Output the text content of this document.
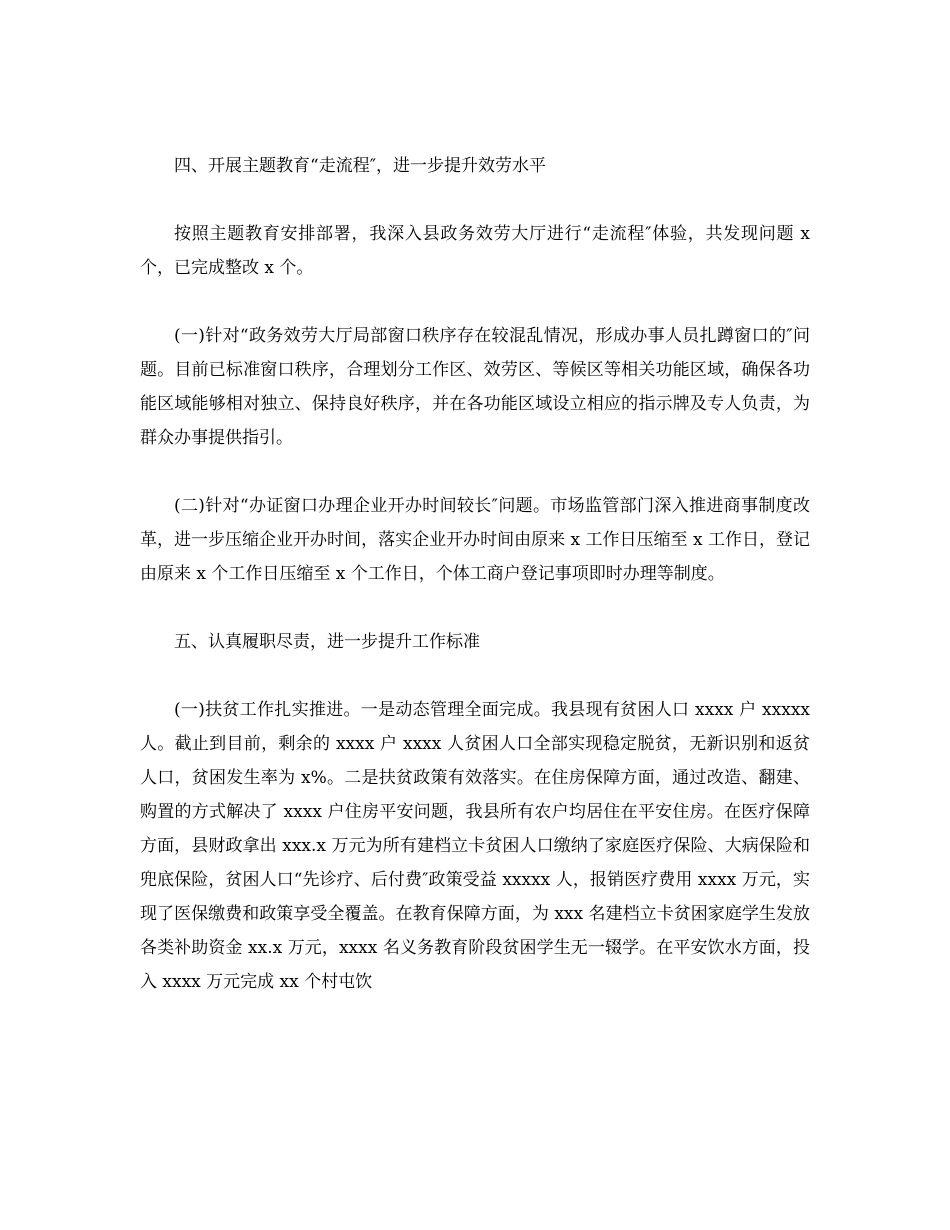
四、开展主题教育“走流程″，进一步提升效劳水平

按照主题教育安排部署，我深入县政务效劳大厅进行“走流程″体验，共发现问题 x 个，已完成整改 x 个。

(一)针对“政务效劳大厅局部窗口秩序存在较混乱情况，形成办事人员扎蹲窗口的″问题。目前已标准窗口秩序，合理划分工作区、效劳区、等候区等相关功能区域，确保各功能区域能够相对独立、保持良好秩序，并在各功能区域设立相应的指示牌及专人负责，为群众办事提供指引。

(二)针对“办证窗口办理企业开办时间较长″问题。市场监管部门深入推进商事制度改革，进一步压缩企业开办时间，落实企业开办时间由原来 x 工作日压缩至 x 工作日，登记由原来 x 个工作日压缩至 x 个工作日，个体工商户登记事项即时办理等制度。

五、认真履职尽责，进一步提升工作标准

(一)扶贫工作扎实推进。一是动态管理全面完成。我县现有贫困人口 xxxx 户 xxxxx 人。截止到目前，剩余的 xxxx 户 xxxx 人贫困人口全部实现稳定脱贫，无新识别和返贫人口，贫困发生率为 x%。二是扶贫政策有效落实。在住房保障方面，通过改造、翻建、购置的方式解决了 xxxx 户住房平安问题，我县所有农户均居住在平安住房。在医疗保障方面，县财政拿出 xxx.x 万元为所有建档立卡贫困人口缴纳了家庭医疗保险、大病保险和兜底保险，贫困人口“先诊疗、后付费″政策受益 xxxxx 人，报销医疗费用 xxxx 万元，实现了医保缴费和政策享受全覆盖。在教育保障方面，为 xxx 名建档立卡贫困家庭学生发放各类补助资金 xx.x 万元，xxxx 名义务教育阶段贫困学生无一辍学。在平安饮水方面，投入 xxxx 万元完成 xx 个村屯饮
